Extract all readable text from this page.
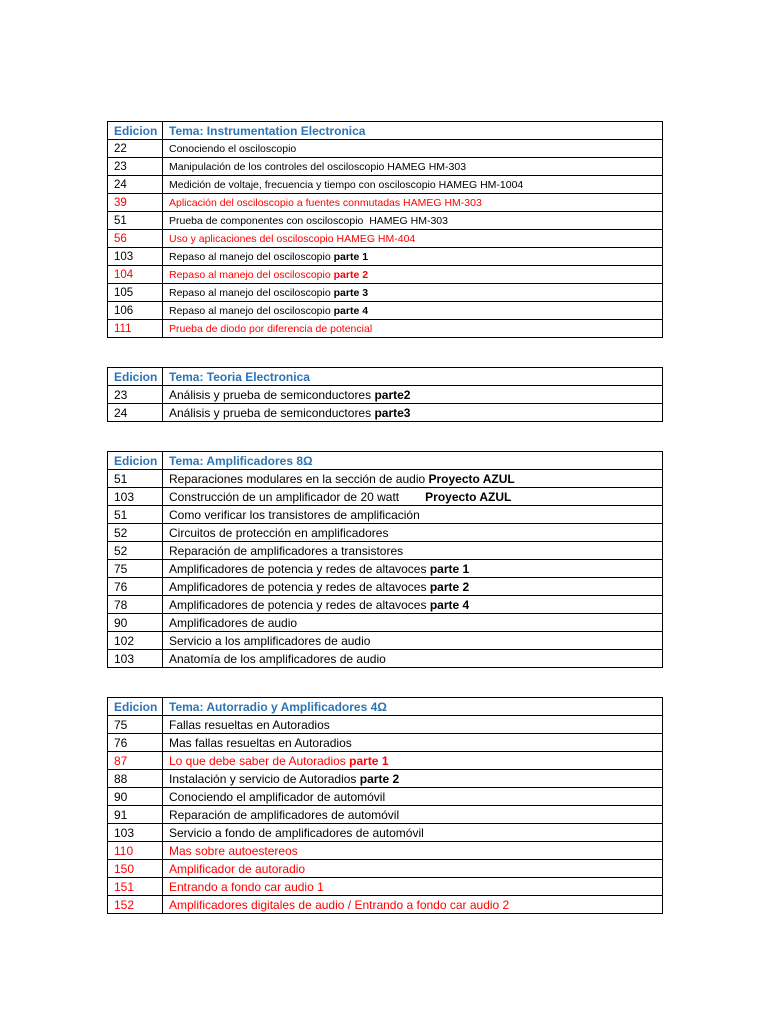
Edicion	Tema: Instrumentation Electronica
22	Conociendo el osciloscopio
23	Manipulación de los controles del osciloscopio HAMEG HM-303
24	Medición de voltaje, frecuencia y tiempo con osciloscopio HAMEG HM-1004
39	Aplicación del osciloscopio a fuentes conmutadas HAMEG HM-303
51	Prueba de componentes con osciloscopio  HAMEG HM-303
56	Uso y aplicaciones del osciloscopio HAMEG HM-404
103	Repaso al manejo del osciloscopio parte 1
104	Repaso al manejo del osciloscopio parte 2
105	Repaso al manejo del osciloscopio parte 3
106	Repaso al manejo del osciloscopio parte 4
111	Prueba de diodo por diferencia de potencial
Edicion	Tema: Teoria Electronica
23	Análisis y prueba de semiconductores parte2
24	Análisis y prueba de semiconductores parte3
Edicion	Tema: Amplificadores 8Ω
51	Reparaciones modulares en la sección de audio Proyecto AZUL
103	Construcción de un amplificador de 20 watt Proyecto AZUL
51	Como verificar los transistores de amplificación
52	Circuitos de protección en amplificadores
52	Reparación de amplificadores a transistores
75	Amplificadores de potencia y redes de altavoces parte 1
76	Amplificadores de potencia y redes de altavoces parte 2
78	Amplificadores de potencia y redes de altavoces parte 4
90	Amplificadores de audio
102	Servicio a los amplificadores de audio
103	Anatomía de los amplificadores de audio
Edicion	Tema: Autorradio y Amplificadores 4Ω
75	Fallas resueltas en Autoradios
76	Mas fallas resueltas en Autoradios
87	Lo que debe saber de Autoradios parte 1
88	Instalación y servicio de Autoradios parte 2
90	Conociendo el amplificador de automóvil
91	Reparación de amplificadores de automóvil
103	Servicio a fondo de amplificadores de automóvil
110	Mas sobre autoestereos
150	Amplificador de autoradio
151	Entrando a fondo car audio 1
152	Amplificadores digitales de audio / Entrando a fondo car audio 2
